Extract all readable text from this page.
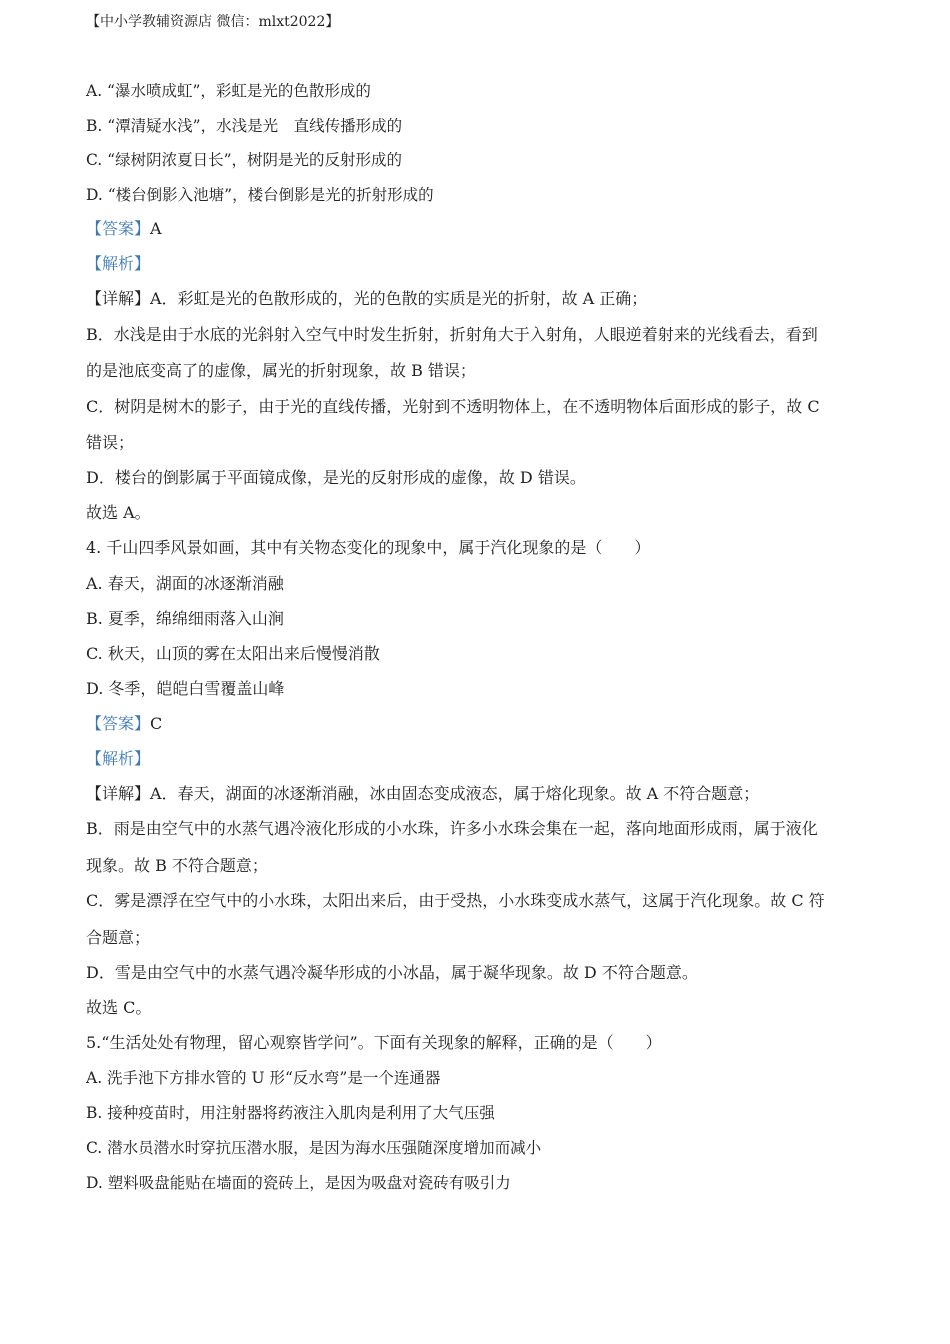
【中小学教辅资源店 微信：mlxt2022】
A. “瀑水喷成虹”，彩虹是光的色散形成的
B. “潭清疑水浅”，水浅是光　直线传播形成的
C. “绿树阴浓夏日长”，树阴是光的反射形成的
D. “楼台倒影入池塘”，楼台倒影是光的折射形成的
【答案】A
【解析】
【详解】A．彩虹是光的色散形成的，光的色散的实质是光的折射，故 A 正确；
B．水浅是由于水底的光斜射入空气中时发生折射，折射角大于入射角，人眼逆着射来的光线看去，看到
的是池底变高了的虚像，属光的折射现象，故 B 错误；
C．树阴是树木的影子，由于光的直线传播，光射到不透明物体上，在不透明物体后面形成的影子，故 C
错误；
D．楼台的倒影属于平面镜成像，是光的反射形成的虚像，故 D 错误。
故选 A。
4. 千山四季风景如画，其中有关物态变化的现象中，属于汽化现象的是（　　）
A. 春天，湖面的冰逐渐消融
B. 夏季，绵绵细雨落入山涧
C. 秋天，山顶的雾在太阳出来后慢慢消散
D. 冬季，皑皑白雪覆盖山峰
【答案】C
【解析】
【详解】A．春天，湖面的冰逐渐消融，冰由固态变成液态，属于熔化现象。故 A 不符合题意；
B．雨是由空气中的水蒸气遇冷液化形成的小水珠，许多小水珠会集在一起，落向地面形成雨，属于液化
现象。故 B 不符合题意；
C．雾是漂浮在空气中的小水珠，太阳出来后，由于受热，小水珠变成水蒸气，这属于汽化现象。故 C 符
合题意；
D．雪是由空气中的水蒸气遇冷凝华形成的小冰晶，属于凝华现象。故 D 不符合题意。
故选 C。
5.“生活处处有物理，留心观察皆学问”。下面有关现象的解释，正确的是（　　）
A. 洗手池下方排水管的 U 形“反水弯”是一个连通器
B. 接种疫苗时，用注射器将药液注入肌肉是利用了大气压强
C. 潜水员潜水时穿抗压潜水服，是因为海水压强随深度增加而减小
D. 塑料吸盘能贴在墙面的瓷砖上，是因为吸盘对瓷砖有吸引力
